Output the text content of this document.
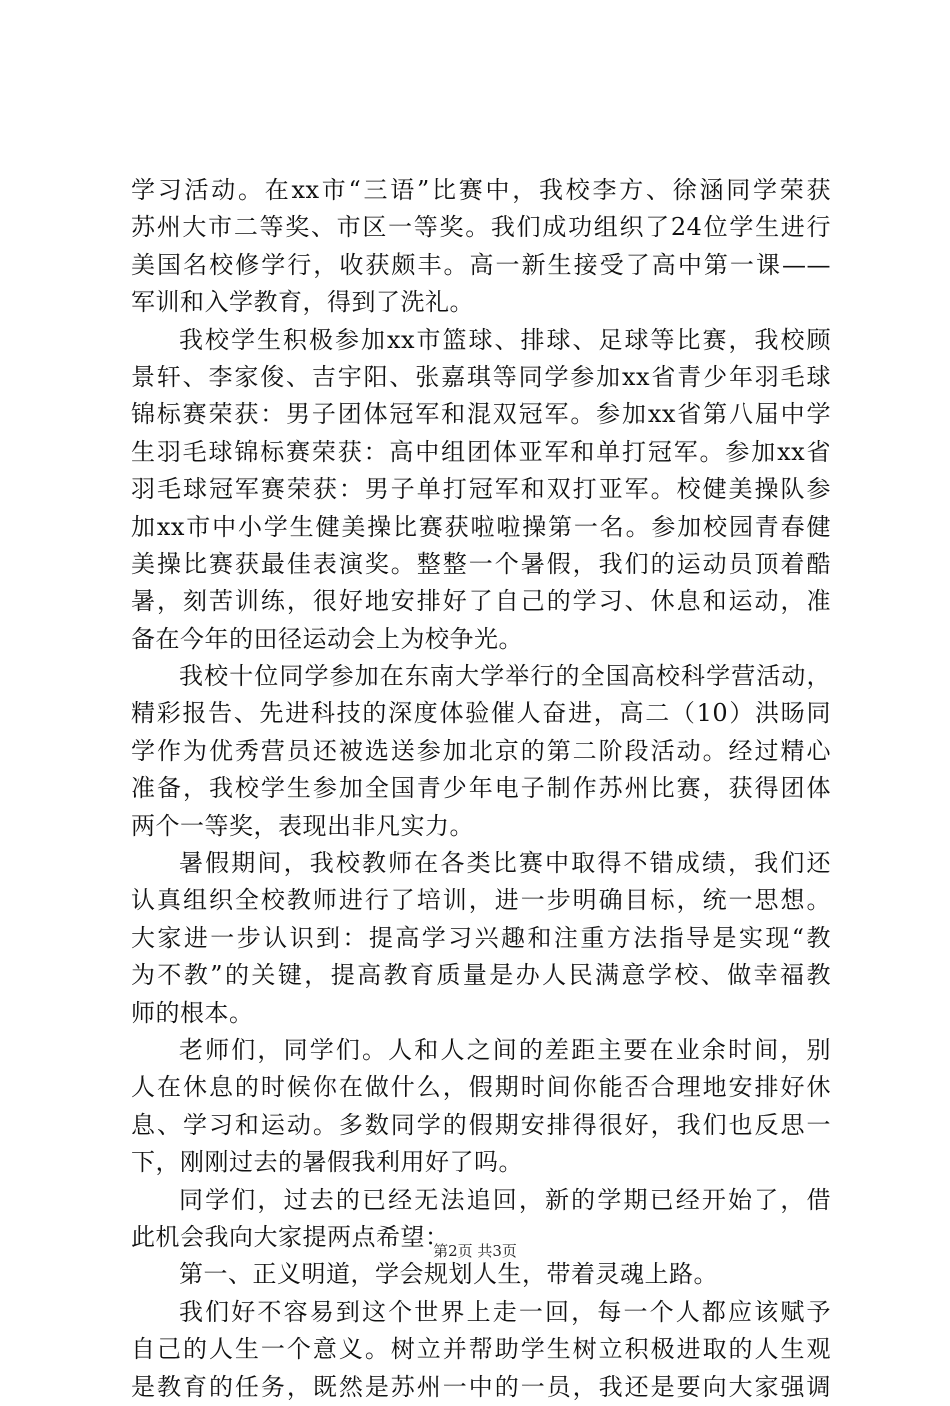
学习活动。在xx市“三语”比赛中，我校李方、徐涵同学荣获
苏州大市二等奖、市区一等奖。我们成功组织了24位学生进行
美国名校修学行，收获颇丰。高一新生接受了高中第一课——
军训和入学教育，得到了洗礼。
我校学生积极参加xx市篮球、排球、足球等比赛，我校顾
景轩、李家俊、吉宇阳、张嘉琪等同学参加xx省青少年羽毛球
锦标赛荣获：男子团体冠军和混双冠军。参加xx省第八届中学
生羽毛球锦标赛荣获：高中组团体亚军和单打冠军。参加xx省
羽毛球冠军赛荣获：男子单打冠军和双打亚军。校健美操队参
加xx市中小学生健美操比赛获啦啦操第一名。参加校园青春健
美操比赛获最佳表演奖。整整一个暑假，我们的运动员顶着酷
暑，刻苦训练，很好地安排好了自己的学习、休息和运动，准
备在今年的田径运动会上为校争光。
我校十位同学参加在东南大学举行的全国高校科学营活动，
精彩报告、先进科技的深度体验催人奋进，高二（10）洪旸同
学作为优秀营员还被选送参加北京的第二阶段活动。经过精心
准备，我校学生参加全国青少年电子制作苏州比赛，获得团体
两个一等奖，表现出非凡实力。
暑假期间，我校教师在各类比赛中取得不错成绩，我们还
认真组织全校教师进行了培训，进一步明确目标，统一思想。
大家进一步认识到：提高学习兴趣和注重方法指导是实现“教
为不教”的关键，提高教育质量是办人民满意学校、做幸福教
师的根本。
老师们，同学们。人和人之间的差距主要在业余时间，别
人在休息的时候你在做什么，假期时间你能否合理地安排好休
息、学习和运动。多数同学的假期安排得很好，我们也反思一
下，刚刚过去的暑假我利用好了吗。
同学们，过去的已经无法追回，新的学期已经开始了，借
此机会我向大家提两点希望：
第一、正义明道，学会规划人生，带着灵魂上路。
我们好不容易到这个世界上走一回，每一个人都应该赋予
自己的人生一个意义。树立并帮助学生树立积极进取的人生观
是教育的任务，既然是苏州一中的一员，我还是要向大家强调
第2页 共3页
